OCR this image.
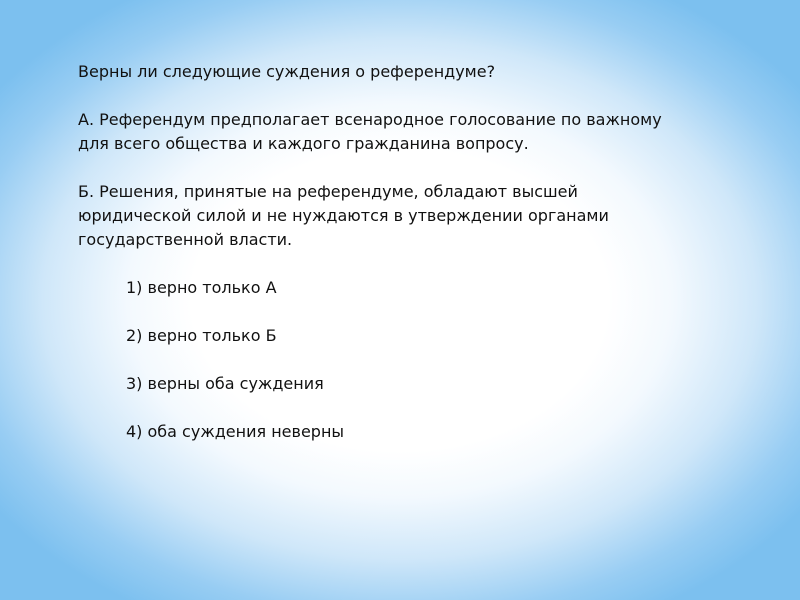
Верны ли следующие суждения о референдуме?

А. Референдум предполагает всенародное голосование по важному
для всего общества и каждого гражданина вопросу.

Б. Решения, принятые на референдуме, обладают высшей
юридической силой и не нуждаются в утверждении органами
государственной власти.

1) верно только А
2) верно только Б
3) верны оба суждения
4) оба суждения неверны
